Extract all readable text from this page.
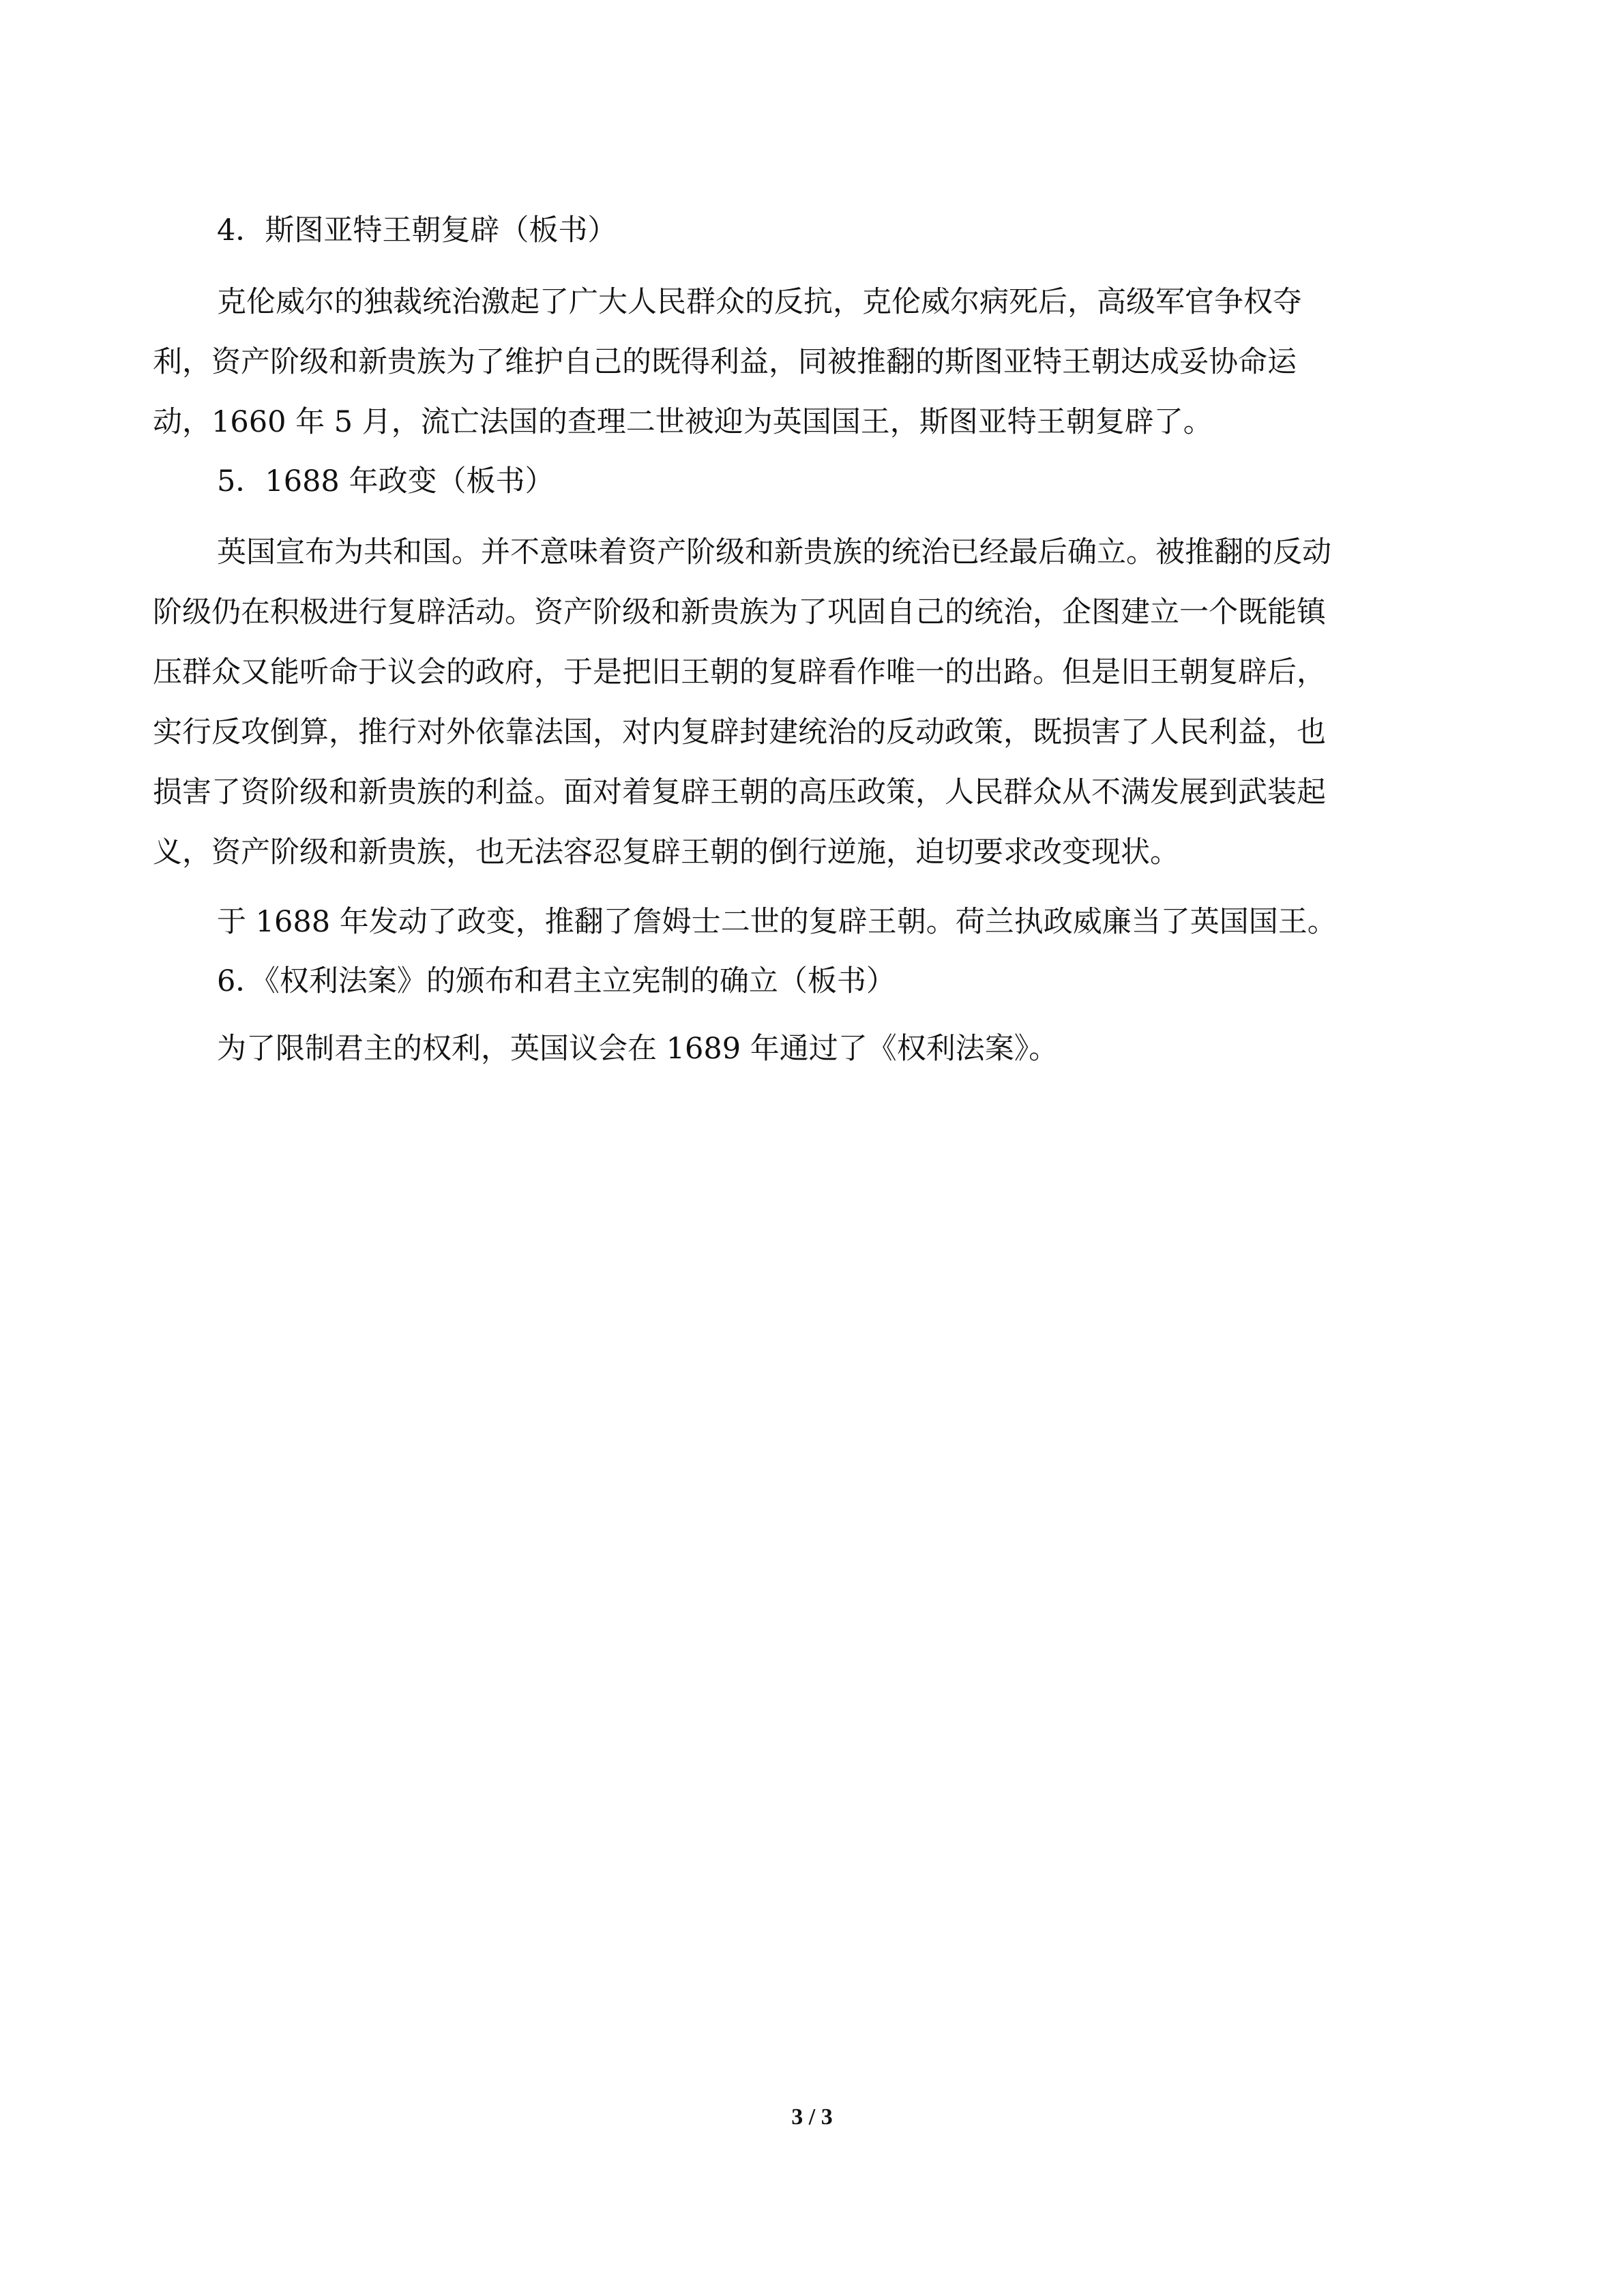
4．斯图亚特王朝复辟（板书）
克伦威尔的独裁统治激起了广大人民群众的反抗，克伦威尔病死后，高级军官争权夺
利，资产阶级和新贵族为了维护自己的既得利益，同被推翻的斯图亚特王朝达成妥协命运
动，1660 年 5 月，流亡法国的查理二世被迎为英国国王，斯图亚特王朝复辟了。
5．1688 年政变（板书）
英国宣布为共和国。并不意味着资产阶级和新贵族的统治已经最后确立。被推翻的反动
阶级仍在积极进行复辟活动。资产阶级和新贵族为了巩固自己的统治，企图建立一个既能镇
压群众又能听命于议会的政府，于是把旧王朝的复辟看作唯一的出路。但是旧王朝复辟后，
实行反攻倒算，推行对外依靠法国，对内复辟封建统治的反动政策，既损害了人民利益，也
损害了资阶级和新贵族的利益。面对着复辟王朝的高压政策，人民群众从不满发展到武装起
义，资产阶级和新贵族，也无法容忍复辟王朝的倒行逆施，迫切要求改变现状。
于 1688 年发动了政变，推翻了詹姆士二世的复辟王朝。荷兰执政威廉当了英国国王。
6．《权利法案》的颁布和君主立宪制的确立（板书）
为了限制君主的权利，英国议会在 1689 年通过了《权利法案》。
3 / 3
